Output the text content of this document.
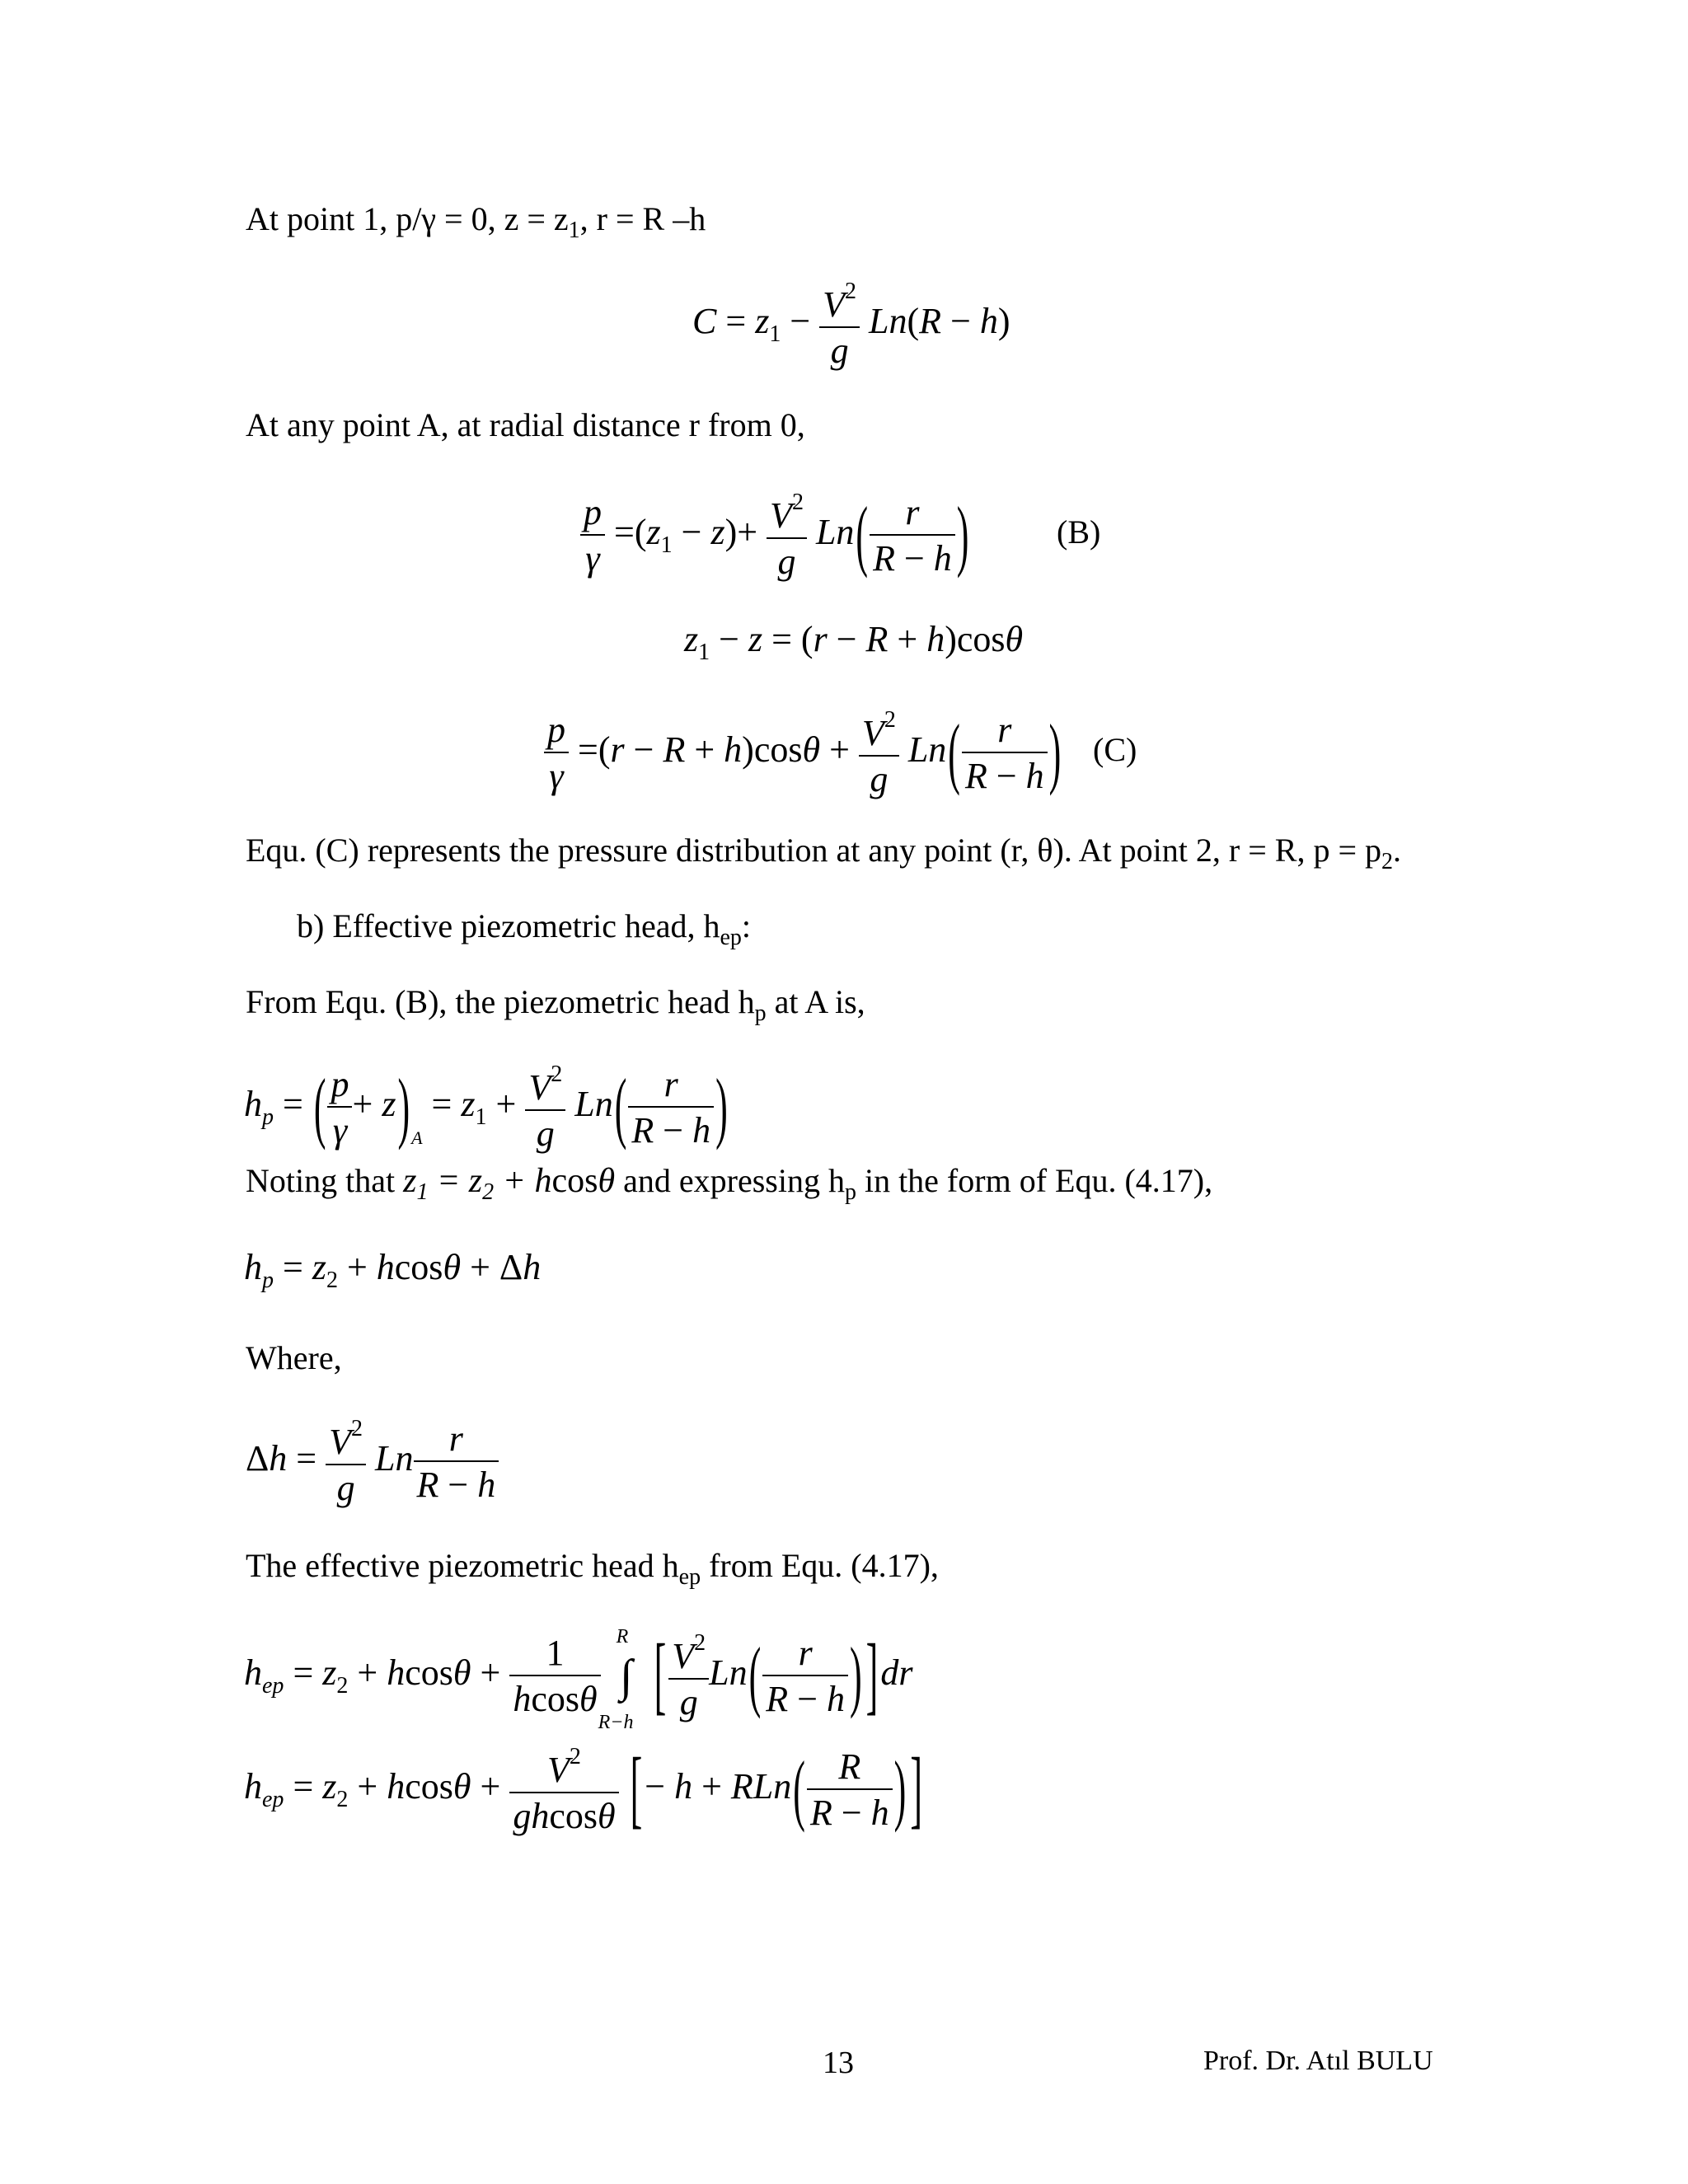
At point 1, p/γ = 0, $z = z_1$, r = R –h
$C = z_1 - \frac{V^2}{g} Ln(R - h)$
At any point A, at radial distance r from 0,
$\frac{p}{\gamma} =(z_1 - z)+ \frac{V^2}{g} Ln( \frac{r}{R - h}$ )	(B)
$z_1 - z = (r - R + h)\cos\theta$
$\frac{p}{\gamma} =(r - R + h)\cos\theta + \frac{V^2}{g} Ln( \frac{r}{R - h}$ ) (C)
Equ. (C) represents the pressure distribution at any point (r, θ). At point 2, r = R, $p = p_2$.
b) Effective piezometric head, $h_{ep}$:
From Equ. (B), the piezometric head $h_p$ at A is,
$h_p$ = ( $\frac{p}{\gamma} + z)_A = z_1 + \frac{V^2}{g} Ln( \frac{r}{R - h}$ )
Noting that $z_1 = z_2 + hcos\theta$ and expressing $h_p$ in the form of Equ. (4.17),
$h_p = z_2 + hcos\theta + \Delta h$
Where,
$\Delta h = \frac{V^2}{g}$ Ln $\frac{r}{R - h}$
The effective piezometric head $h_{ep}$ from Equ. (4.17),
$h_{ep} = z_2 + hcos\theta + \frac{1}{hcos\theta}$ ∫
R
R−h [ $\frac{V^2}{g} Ln( \frac{r}{R - h}$ ) ]dr
$h_{ep} = z_2 + hcos\theta + \frac{V^2}{ghcos\theta}$ [− $h + RLn( \frac{R}{R - h}$ ) ]
13	Prof. Dr. Atıl BULU
